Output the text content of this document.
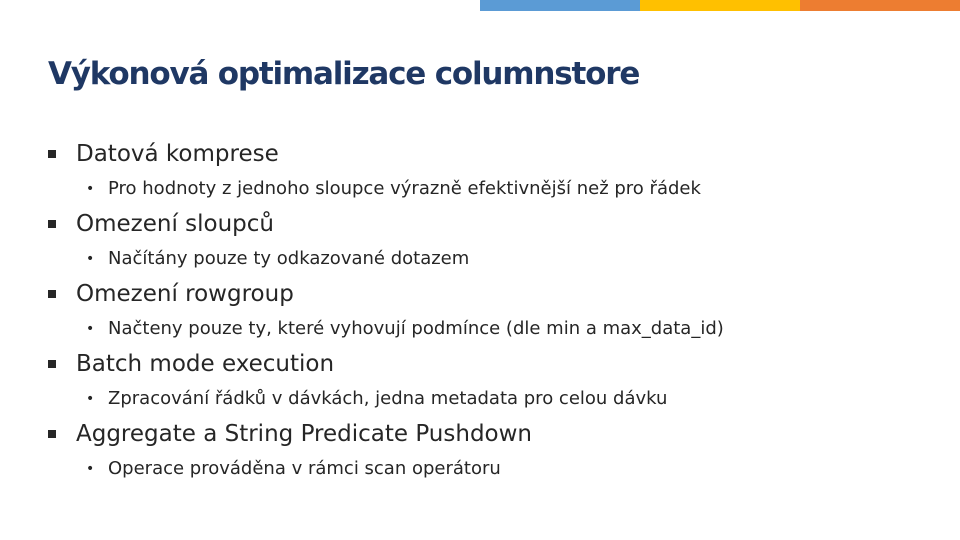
Výkonová optimalizace columnstore
Datová komprese
• Pro hodnoty z jednoho sloupce výrazně efektivnější než pro řádek
Omezení sloupců
• Načítány pouze ty odkazované dotazem
Omezení rowgroup
• Načteny pouze ty, které vyhovují podmínce (dle min a max_data_id)
Batch mode execution
• Zpracování řádků v dávkách, jedna metadata pro celou dávku
Aggregate a String Predicate Pushdown
• Operace prováděna v rámci scan operátoru
